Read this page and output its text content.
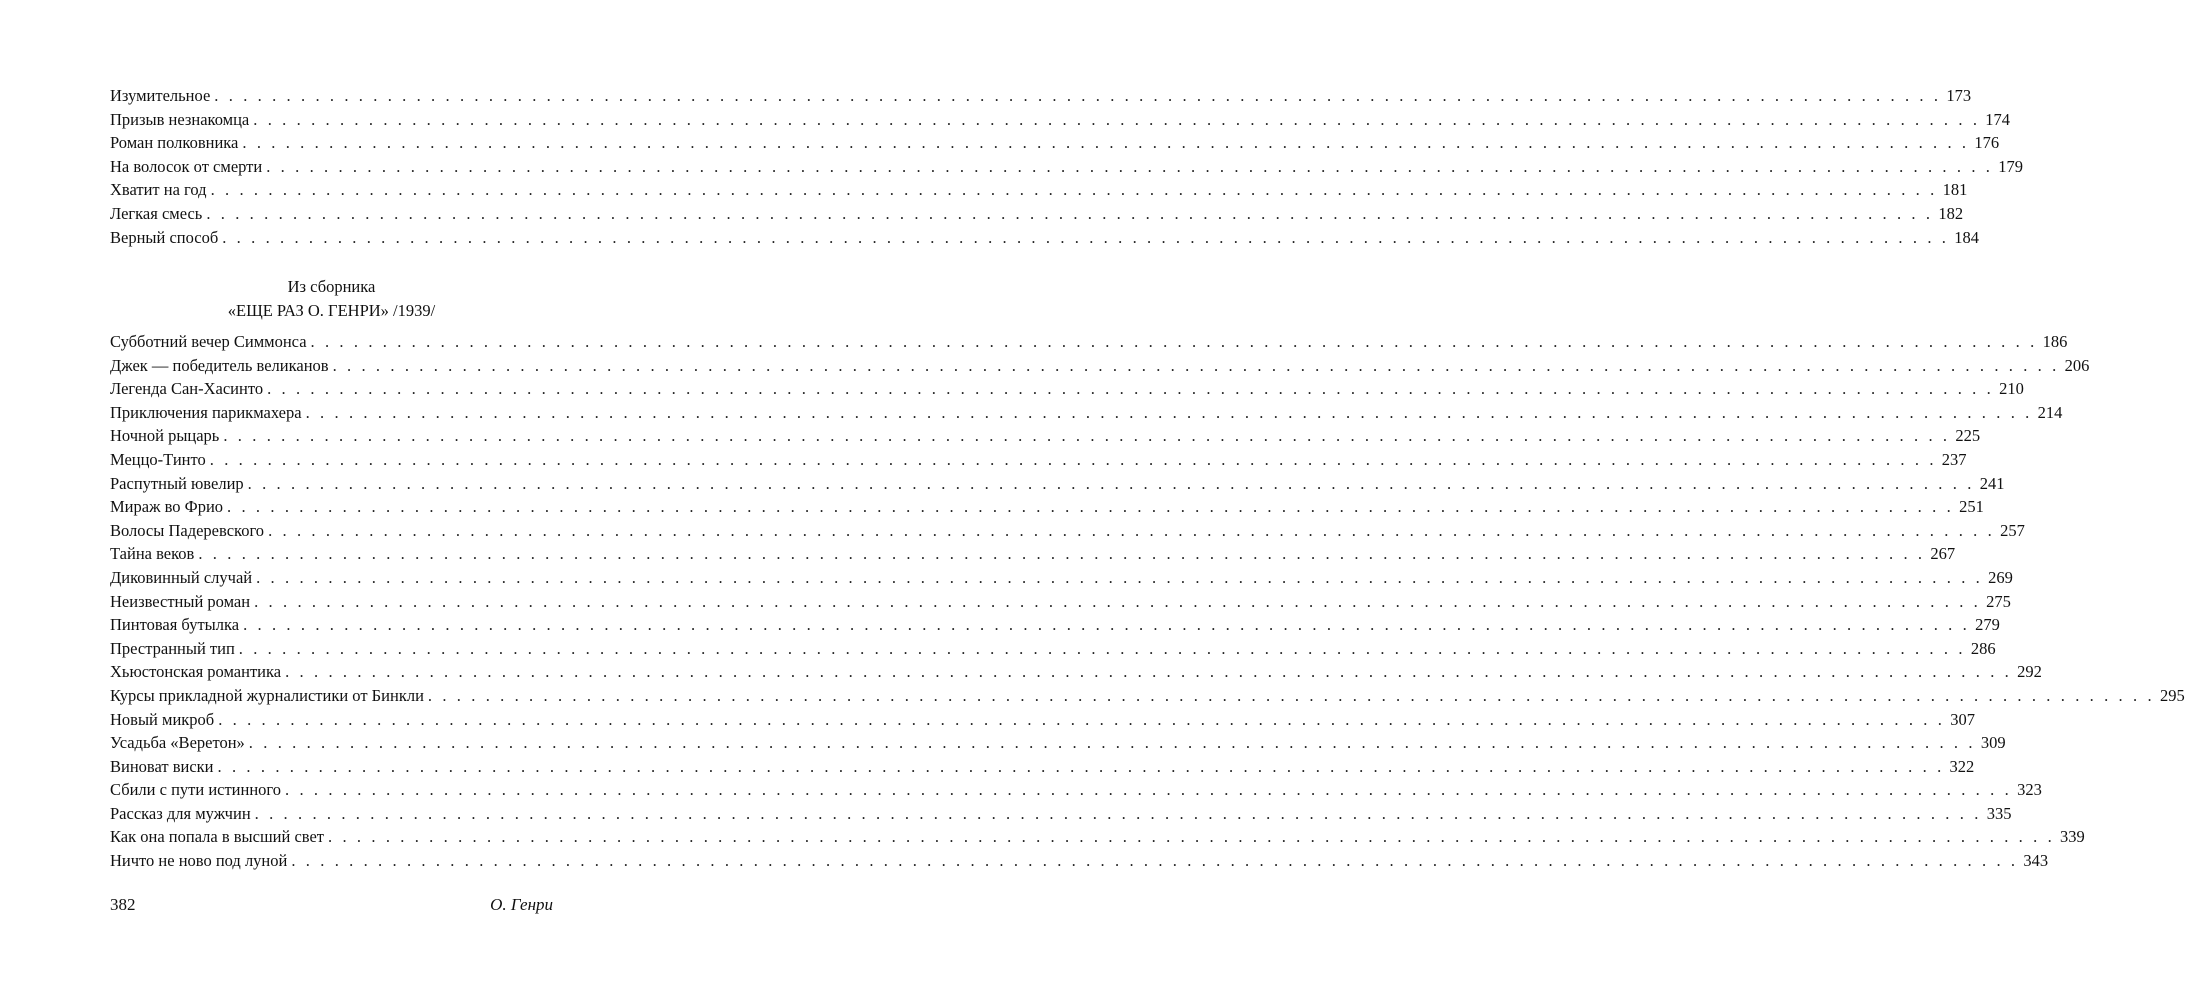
Изумительное . . . . . . . . . . . . . . . . . . . . . . . . . . . . . . . . . . . . . . . . . . . . . . . . . . . . . . . . . . . . . . . . . . . . . . . . . . . . . . . . . . . . . . . . . . . . . . . . . . . . . . . . . . . . . . . . . . . . . . . . 173
Призыв незнакомца . . . . . . . . . . . . . . . . . . . . . . . . . . . . . . . . . . . . . . . . . . . . . . . . . . . . . . . . . . . . . . . . . . . . . . . . . . . . . . . . . . . . . . . . . . . . . . . . . . . . . . . . . . . . . . . . . . . . . . . . 174
Роман полковника . . . . . . . . . . . . . . . . . . . . . . . . . . . . . . . . . . . . . . . . . . . . . . . . . . . . . . . . . . . . . . . . . . . . . . . . . . . . . . . . . . . . . . . . . . . . . . . . . . . . . . . . . . . . . . . . . . . . . . . . 176
На волосок от смерти . . . . . . . . . . . . . . . . . . . . . . . . . . . . . . . . . . . . . . . . . . . . . . . . . . . . . . . . . . . . . . . . . . . . . . . . . . . . . . . . . . . . . . . . . . . . . . . . . . . . . . . . . . . . . . . . . . . . . . . . 179
Хватит на год . . . . . . . . . . . . . . . . . . . . . . . . . . . . . . . . . . . . . . . . . . . . . . . . . . . . . . . . . . . . . . . . . . . . . . . . . . . . . . . . . . . . . . . . . . . . . . . . . . . . . . . . . . . . . . . . . . . . . . . . 181
Легкая смесь . . . . . . . . . . . . . . . . . . . . . . . . . . . . . . . . . . . . . . . . . . . . . . . . . . . . . . . . . . . . . . . . . . . . . . . . . . . . . . . . . . . . . . . . . . . . . . . . . . . . . . . . . . . . . . . . . . . . . . . . 182
Верный способ . . . . . . . . . . . . . . . . . . . . . . . . . . . . . . . . . . . . . . . . . . . . . . . . . . . . . . . . . . . . . . . . . . . . . . . . . . . . . . . . . . . . . . . . . . . . . . . . . . . . . . . . . . . . . . . . . . . . . . . . 184
Из сборника
«ЕЩЕ РАЗ О. ГЕНРИ» /1939/
Субботний вечер Симмонса . . . . . . . . . . . . . . . . . . . . . . . . . . . . . . . . . . . . . . . . . . . . . . . . . . . . . . . . . . . . . . . . . . . . . . . . . . . . . . . . . . . . . . . . . . . . . . . . . . . . . . . . . . . . . . . . . . . . . . . . 186
Джек — победитель великанов . . . . . . . . . . . . . . . . . . . . . . . . . . . . . . . . . . . . . . . . . . . . . . . . . . . . . . . . . . . . . . . . . . . . . . . . . . . . . . . . . . . . . . . . . . . . . . . . . . . . . . . . . . . . . . . . . . . . . . . . 206
Легенда Сан-Хасинто . . . . . . . . . . . . . . . . . . . . . . . . . . . . . . . . . . . . . . . . . . . . . . . . . . . . . . . . . . . . . . . . . . . . . . . . . . . . . . . . . . . . . . . . . . . . . . . . . . . . . . . . . . . . . . . . . . . . . . . . 210
Приключения парикмахера . . . . . . . . . . . . . . . . . . . . . . . . . . . . . . . . . . . . . . . . . . . . . . . . . . . . . . . . . . . . . . . . . . . . . . . . . . . . . . . . . . . . . . . . . . . . . . . . . . . . . . . . . . . . . . . . . . . . . . . . 214
Ночной рыцарь . . . . . . . . . . . . . . . . . . . . . . . . . . . . . . . . . . . . . . . . . . . . . . . . . . . . . . . . . . . . . . . . . . . . . . . . . . . . . . . . . . . . . . . . . . . . . . . . . . . . . . . . . . . . . . . . . . . . . . . . 225
Меццо-Тинто . . . . . . . . . . . . . . . . . . . . . . . . . . . . . . . . . . . . . . . . . . . . . . . . . . . . . . . . . . . . . . . . . . . . . . . . . . . . . . . . . . . . . . . . . . . . . . . . . . . . . . . . . . . . . . . . . . . . . . . . 237
Распутный ювелир . . . . . . . . . . . . . . . . . . . . . . . . . . . . . . . . . . . . . . . . . . . . . . . . . . . . . . . . . . . . . . . . . . . . . . . . . . . . . . . . . . . . . . . . . . . . . . . . . . . . . . . . . . . . . . . . . . . . . . . . 241
Мираж во Фрио . . . . . . . . . . . . . . . . . . . . . . . . . . . . . . . . . . . . . . . . . . . . . . . . . . . . . . . . . . . . . . . . . . . . . . . . . . . . . . . . . . . . . . . . . . . . . . . . . . . . . . . . . . . . . . . . . . . . . . . . 251
Волосы Падеревского . . . . . . . . . . . . . . . . . . . . . . . . . . . . . . . . . . . . . . . . . . . . . . . . . . . . . . . . . . . . . . . . . . . . . . . . . . . . . . . . . . . . . . . . . . . . . . . . . . . . . . . . . . . . . . . . . . . . . . . . 257
Тайна веков . . . . . . . . . . . . . . . . . . . . . . . . . . . . . . . . . . . . . . . . . . . . . . . . . . . . . . . . . . . . . . . . . . . . . . . . . . . . . . . . . . . . . . . . . . . . . . . . . . . . . . . . . . . . . . . . . . . . . . . . 267
Диковинный случай . . . . . . . . . . . . . . . . . . . . . . . . . . . . . . . . . . . . . . . . . . . . . . . . . . . . . . . . . . . . . . . . . . . . . . . . . . . . . . . . . . . . . . . . . . . . . . . . . . . . . . . . . . . . . . . . . . . . . . . . 269
Неизвестный роман . . . . . . . . . . . . . . . . . . . . . . . . . . . . . . . . . . . . . . . . . . . . . . . . . . . . . . . . . . . . . . . . . . . . . . . . . . . . . . . . . . . . . . . . . . . . . . . . . . . . . . . . . . . . . . . . . . . . . . . . 275
Пинтовая бутылка . . . . . . . . . . . . . . . . . . . . . . . . . . . . . . . . . . . . . . . . . . . . . . . . . . . . . . . . . . . . . . . . . . . . . . . . . . . . . . . . . . . . . . . . . . . . . . . . . . . . . . . . . . . . . . . . . . . . . . . . 279
Престранный тип . . . . . . . . . . . . . . . . . . . . . . . . . . . . . . . . . . . . . . . . . . . . . . . . . . . . . . . . . . . . . . . . . . . . . . . . . . . . . . . . . . . . . . . . . . . . . . . . . . . . . . . . . . . . . . . . . . . . . . . . 286
Хьюстонская романтика . . . . . . . . . . . . . . . . . . . . . . . . . . . . . . . . . . . . . . . . . . . . . . . . . . . . . . . . . . . . . . . . . . . . . . . . . . . . . . . . . . . . . . . . . . . . . . . . . . . . . . . . . . . . . . . . . . . . . . . . 292
Курсы прикладной журналистики от Бинкли . . . . . . . . . . . . . . . . . . . . . . . . . . . . . . . . . . . . . . . . . . . . . . . . . . . . . . . . . . . . . . . . . . . . . . . . . . . . . . . . . . . . . . . . . . . . . . . . . . . . . . . . . . . . . . . . . . . . . . . . 295
Новый микроб . . . . . . . . . . . . . . . . . . . . . . . . . . . . . . . . . . . . . . . . . . . . . . . . . . . . . . . . . . . . . . . . . . . . . . . . . . . . . . . . . . . . . . . . . . . . . . . . . . . . . . . . . . . . . . . . . . . . . . . . 307
Усадьба «Веретон» . . . . . . . . . . . . . . . . . . . . . . . . . . . . . . . . . . . . . . . . . . . . . . . . . . . . . . . . . . . . . . . . . . . . . . . . . . . . . . . . . . . . . . . . . . . . . . . . . . . . . . . . . . . . . . . . . . . . . . . . 309
Виноват виски . . . . . . . . . . . . . . . . . . . . . . . . . . . . . . . . . . . . . . . . . . . . . . . . . . . . . . . . . . . . . . . . . . . . . . . . . . . . . . . . . . . . . . . . . . . . . . . . . . . . . . . . . . . . . . . . . . . . . . . . 322
Сбили с пути истинного . . . . . . . . . . . . . . . . . . . . . . . . . . . . . . . . . . . . . . . . . . . . . . . . . . . . . . . . . . . . . . . . . . . . . . . . . . . . . . . . . . . . . . . . . . . . . . . . . . . . . . . . . . . . . . . . . . . . . . . . 323
Рассказ для мужчин . . . . . . . . . . . . . . . . . . . . . . . . . . . . . . . . . . . . . . . . . . . . . . . . . . . . . . . . . . . . . . . . . . . . . . . . . . . . . . . . . . . . . . . . . . . . . . . . . . . . . . . . . . . . . . . . . . . . . . . . 335
Как она попала в высший свет . . . . . . . . . . . . . . . . . . . . . . . . . . . . . . . . . . . . . . . . . . . . . . . . . . . . . . . . . . . . . . . . . . . . . . . . . . . . . . . . . . . . . . . . . . . . . . . . . . . . . . . . . . . . . . . . . . . . . . . . 339
Ничто не ново под луной . . . . . . . . . . . . . . . . . . . . . . . . . . . . . . . . . . . . . . . . . . . . . . . . . . . . . . . . . . . . . . . . . . . . . . . . . . . . . . . . . . . . . . . . . . . . . . . . . . . . . . . . . . . . . . . . . . . . . . . . 343
382	О. Генри
